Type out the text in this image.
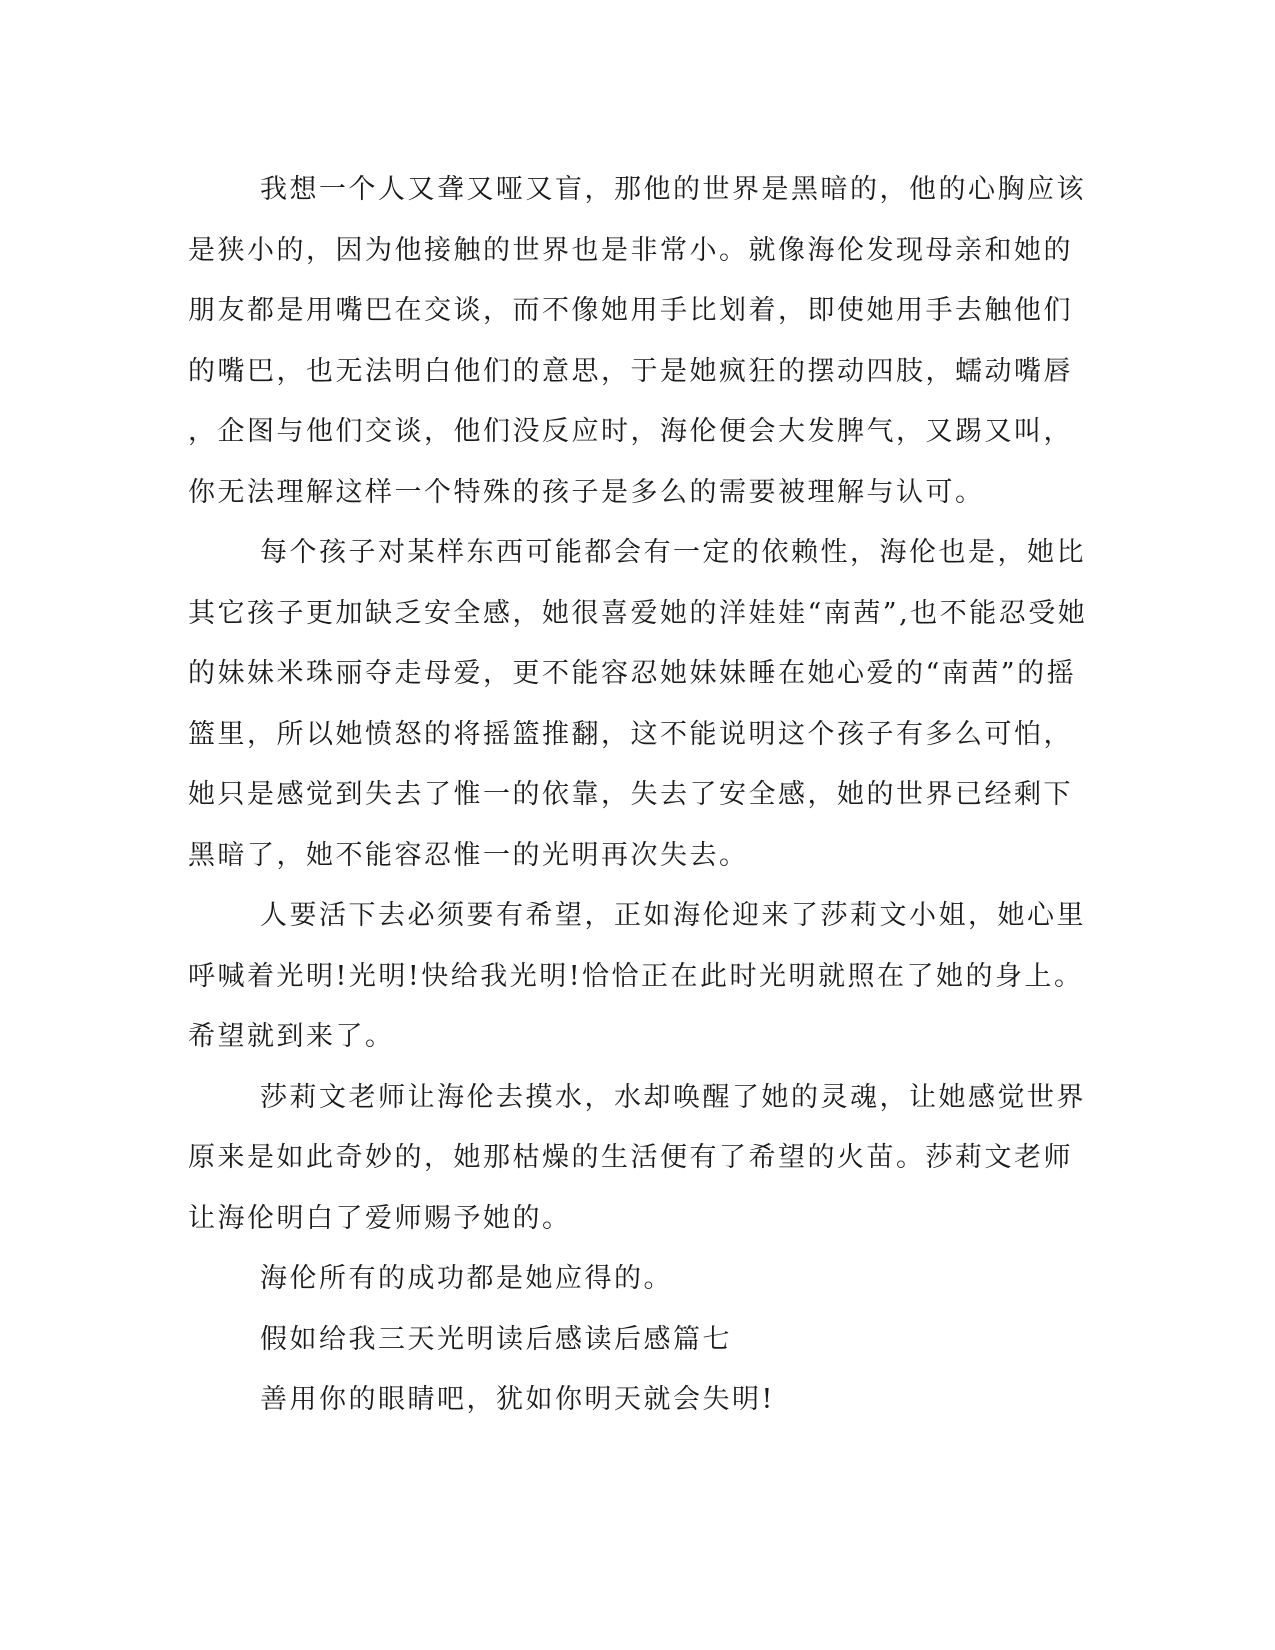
我想一个人又聋又哑又盲，那他的世界是黑暗的，他的心胸应该
是狭小的，因为他接触的世界也是非常小。就像海伦发现母亲和她的
朋友都是用嘴巴在交谈，而不像她用手比划着，即使她用手去触他们
的嘴巴，也无法明白他们的意思，于是她疯狂的摆动四肢，蠕动嘴唇
，企图与他们交谈，他们没反应时，海伦便会大发脾气，又踢又叫，
你无法理解这样一个特殊的孩子是多么的需要被理解与认可。
每个孩子对某样东西可能都会有一定的依赖性，海伦也是，她比
其它孩子更加缺乏安全感，她很喜爱她的洋娃娃“南茜”,也不能忍受她
的妹妹米珠丽夺走母爱，更不能容忍她妹妹睡在她心爱的“南茜”的摇
篮里，所以她愤怒的将摇篮推翻，这不能说明这个孩子有多么可怕，
她只是感觉到失去了惟一的依靠，失去了安全感，她的世界已经剩下
黑暗了，她不能容忍惟一的光明再次失去。
人要活下去必须要有希望，正如海伦迎来了莎莉文小姐，她心里
呼喊着光明!光明!快给我光明!恰恰正在此时光明就照在了她的身上。
希望就到来了。
莎莉文老师让海伦去摸水，水却唤醒了她的灵魂，让她感觉世界
原来是如此奇妙的，她那枯燥的生活便有了希望的火苗。莎莉文老师
让海伦明白了爱师赐予她的。
海伦所有的成功都是她应得的。
假如给我三天光明读后感读后感篇七
善用你的眼睛吧，犹如你明天就会失明!
